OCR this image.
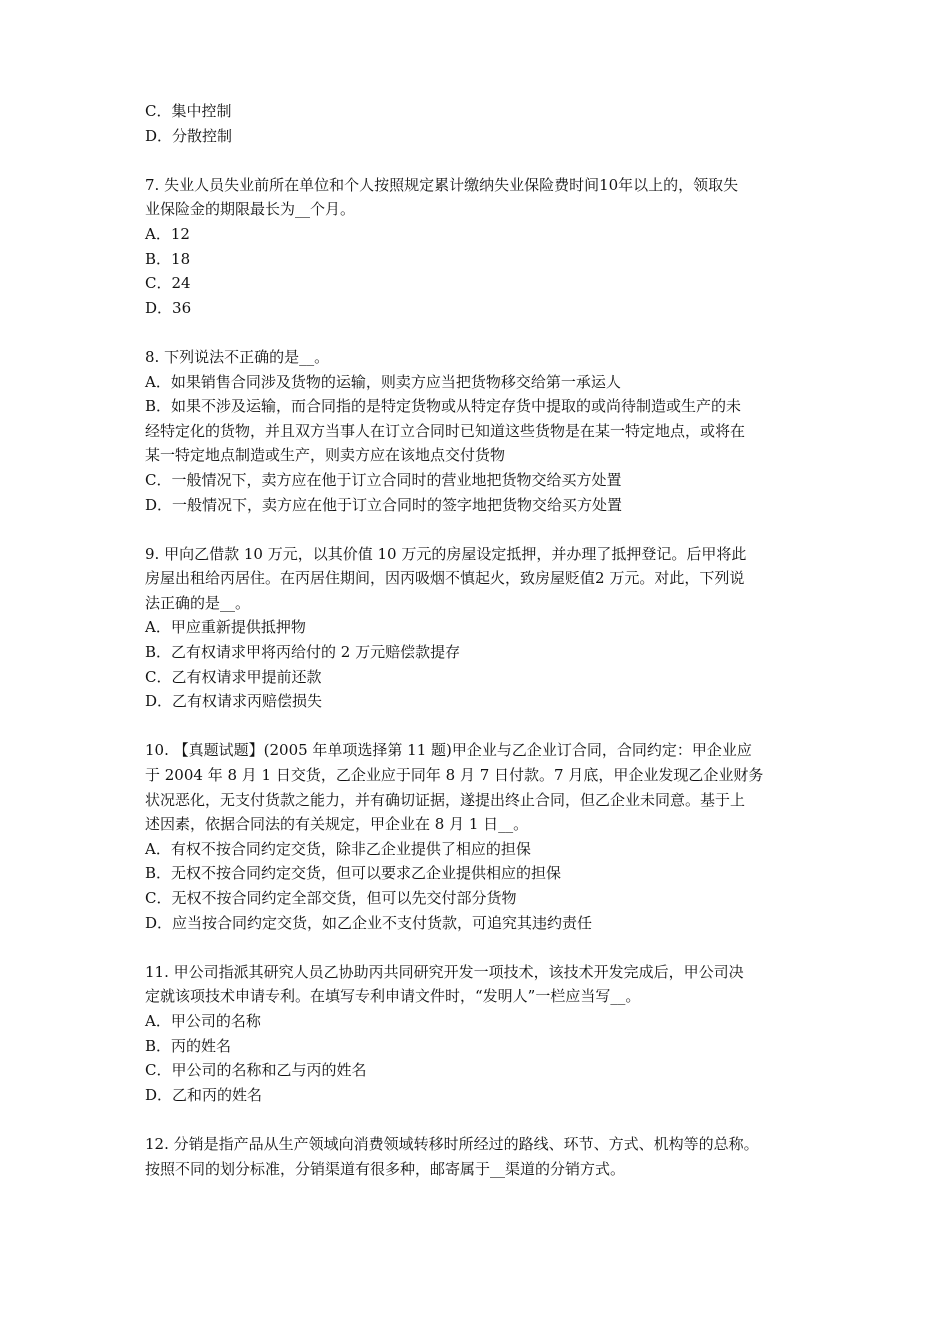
C．集中控制

D．分散控制

7. 失业人员失业前所在单位和个人按照规定累计缴纳失业保险费时间10年以上的，领取失

业保险金的期限最长为__个月。

A．12

B．18

C．24

D．36

8. 下列说法不正确的是__。

A．如果销售合同涉及货物的运输，则卖方应当把货物移交给第一承运人

B．如果不涉及运输，而合同指的是特定货物或从特定存货中提取的或尚待制造或生产的未

经特定化的货物，并且双方当事人在订立合同时已知道这些货物是在某一特定地点，或将在

某一特定地点制造或生产，则卖方应在该地点交付货物

C．一般情况下，卖方应在他于订立合同时的营业地把货物交给买方处置

D．一般情况下，卖方应在他于订立合同时的签字地把货物交给买方处置

9. 甲向乙借款 10 万元，以其价值 10 万元的房屋设定抵押，并办理了抵押登记。后甲将此

房屋出租给丙居住。在丙居住期间，因丙吸烟不慎起火，致房屋贬值2 万元。对此，下列说

法正确的是__。

A．甲应重新提供抵押物

B．乙有权请求甲将丙给付的 2 万元赔偿款提存

C．乙有权请求甲提前还款

D．乙有权请求丙赔偿损失

10. 【真题试题】(2005 年单项选择第 11 题)甲企业与乙企业订合同，合同约定：甲企业应

于 2004 年 8 月 1 日交货，乙企业应于同年 8 月 7 日付款。7 月底，甲企业发现乙企业财务

状况恶化，无支付货款之能力，并有确切证据，遂提出终止合同，但乙企业未同意。基于上

述因素，依据合同法的有关规定，甲企业在 8 月 1 日__。

A．有权不按合同约定交货，除非乙企业提供了相应的担保

B．无权不按合同约定交货，但可以要求乙企业提供相应的担保

C．无权不按合同约定全部交货，但可以先交付部分货物

D．应当按合同约定交货，如乙企业不支付货款，可追究其违约责任

11. 甲公司指派其研究人员乙协助丙共同研究开发一项技术，该技术开发完成后，甲公司决

定就该项技术申请专利。在填写专利申请文件时，“发明人”一栏应当写__。

A．甲公司的名称

B．丙的姓名

C．甲公司的名称和乙与丙的姓名

D．乙和丙的姓名

12. 分销是指产品从生产领域向消费领域转移时所经过的路线、环节、方式、机构等的总称。

按照不同的划分标准，分销渠道有很多种，邮寄属于__渠道的分销方式。
